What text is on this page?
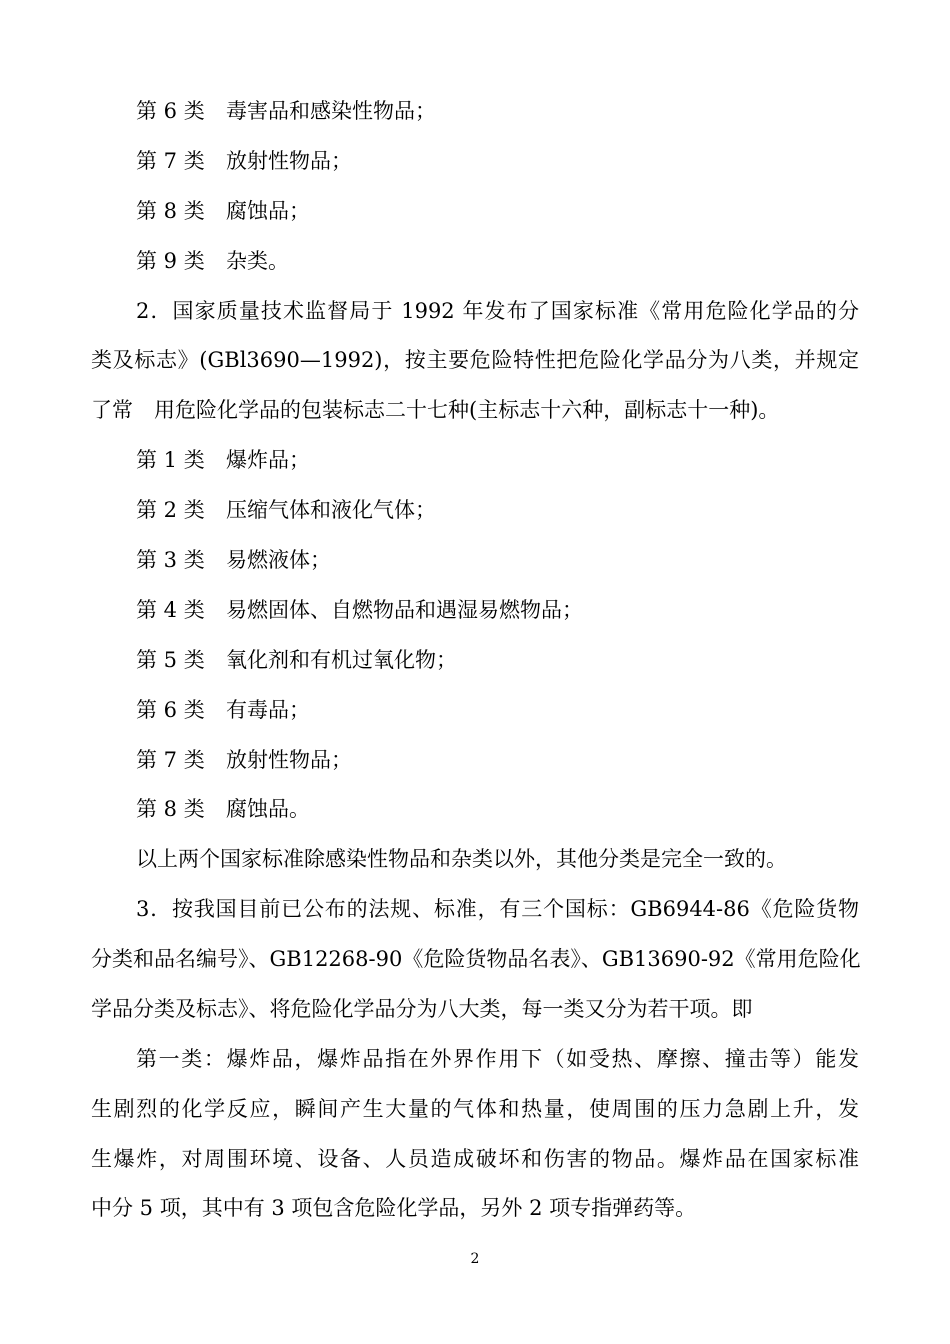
第 6 类 毒害品和感染性物品；
第 7 类 放射性物品；
第 8 类 腐蚀品；
第 9 类 杂类。
2．国家质量技术监督局于 1992 年发布了国家标准《常用危险化学品的分
类及标志》(GBl3690—1992)，按主要危险特性把危险化学品分为八类，并规定
了常　用危险化学品的包装标志二十七种(主标志十六种，副标志十一种)。
第 1 类 爆炸品；
第 2 类 压缩气体和液化气体；
第 3 类 易燃液体；
第 4 类 易燃固体、自燃物品和遇湿易燃物品；
第 5 类 氧化剂和有机过氧化物；
第 6 类 有毒品；
第 7 类 放射性物品；
第 8 类 腐蚀品。
以上两个国家标准除感染性物品和杂类以外，其他分类是完全一致的。
3．按我国目前已公布的法规、标准，有三个国标：GB6944-86《危险货物
分类和品名编号》、GB12268-90《危险货物品名表》、GB13690-92《常用危险化
学品分类及标志》、将危险化学品分为八大类，每一类又分为若干项。即
第一类：爆炸品，爆炸品指在外界作用下（如受热、摩擦、撞击等）能发
生剧烈的化学反应，瞬间产生大量的气体和热量，使周围的压力急剧上升，发
生爆炸，对周围环境、设备、人员造成破坏和伤害的物品。爆炸品在国家标准
中分 5 项，其中有 3 项包含危险化学品，另外 2 项专指弹药等。
2
